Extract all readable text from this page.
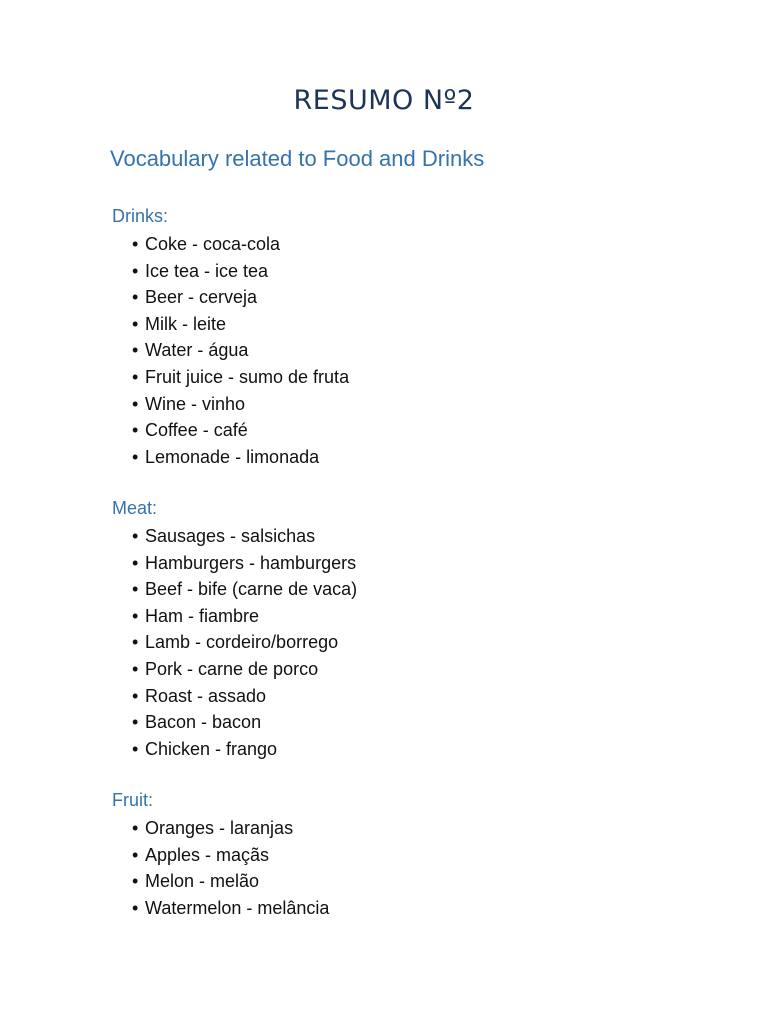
RESUMO Nº2
Vocabulary related to Food and Drinks
Drinks:
• Coke - coca-cola
• Ice tea - ice tea
• Beer - cerveja
• Milk - leite
• Water - água
• Fruit juice - sumo de fruta
• Wine - vinho
• Coffee - café
• Lemonade - limonada
Meat:
• Sausages - salsichas
• Hamburgers - hamburgers
• Beef - bife (carne de vaca)
• Ham - fiambre
• Lamb - cordeiro/borrego
• Pork - carne de porco
• Roast - assado
• Bacon - bacon
• Chicken - frango
Fruit:
• Oranges - laranjas
• Apples - maçãs
• Melon - melão
• Watermelon - melância
